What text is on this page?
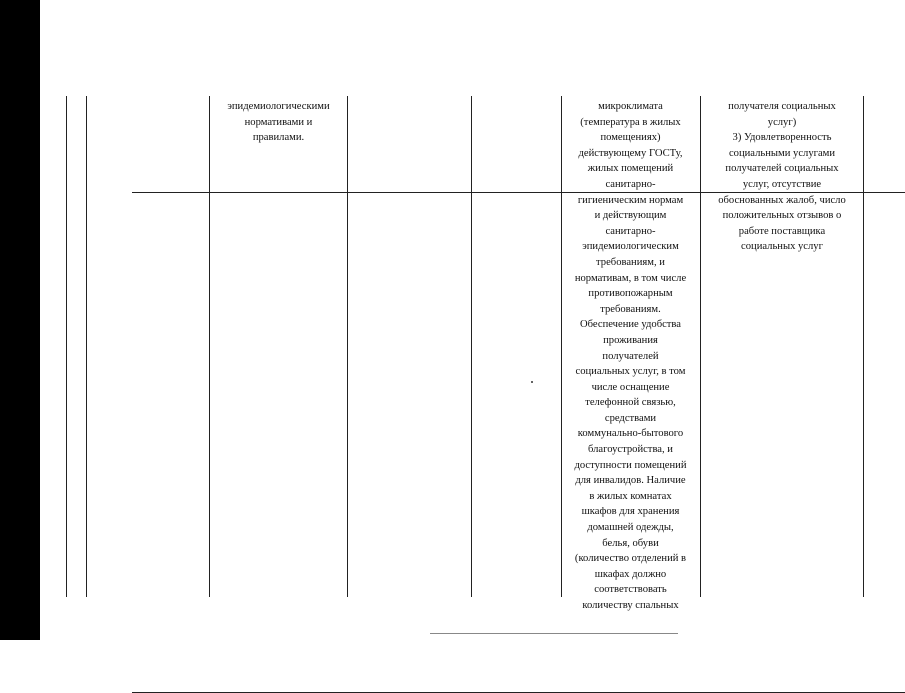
эпидемиологическими
нормативами и
правилами.
микроклимата
(температура в жилых
помещениях)
действующему ГОСТу,
жилых помещений
санитарно-
гигиеническим нормам
и действующим
санитарно-
эпидемиологическим
требованиям, и
нормативам, в том числе
противопожарным
требованиям.
Обеспечение удобства
проживания
получателей
социальных услуг, в том
числе оснащение
телефонной связью,
средствами
коммунально-бытового
благоустройства, и
доступности помещений
для инвалидов. Наличие
в жилых комнатах
шкафов для хранения
домашней одежды,
белья, обуви
(количество отделений в
шкафах должно
соответствовать
количеству спальных
получателя социальных
услуг)
3) Удовлетворенность
социальными услугами
получателей социальных
услуг, отсутствие
обоснованных жалоб, число
положительных отзывов о
работе поставщика
социальных услуг
